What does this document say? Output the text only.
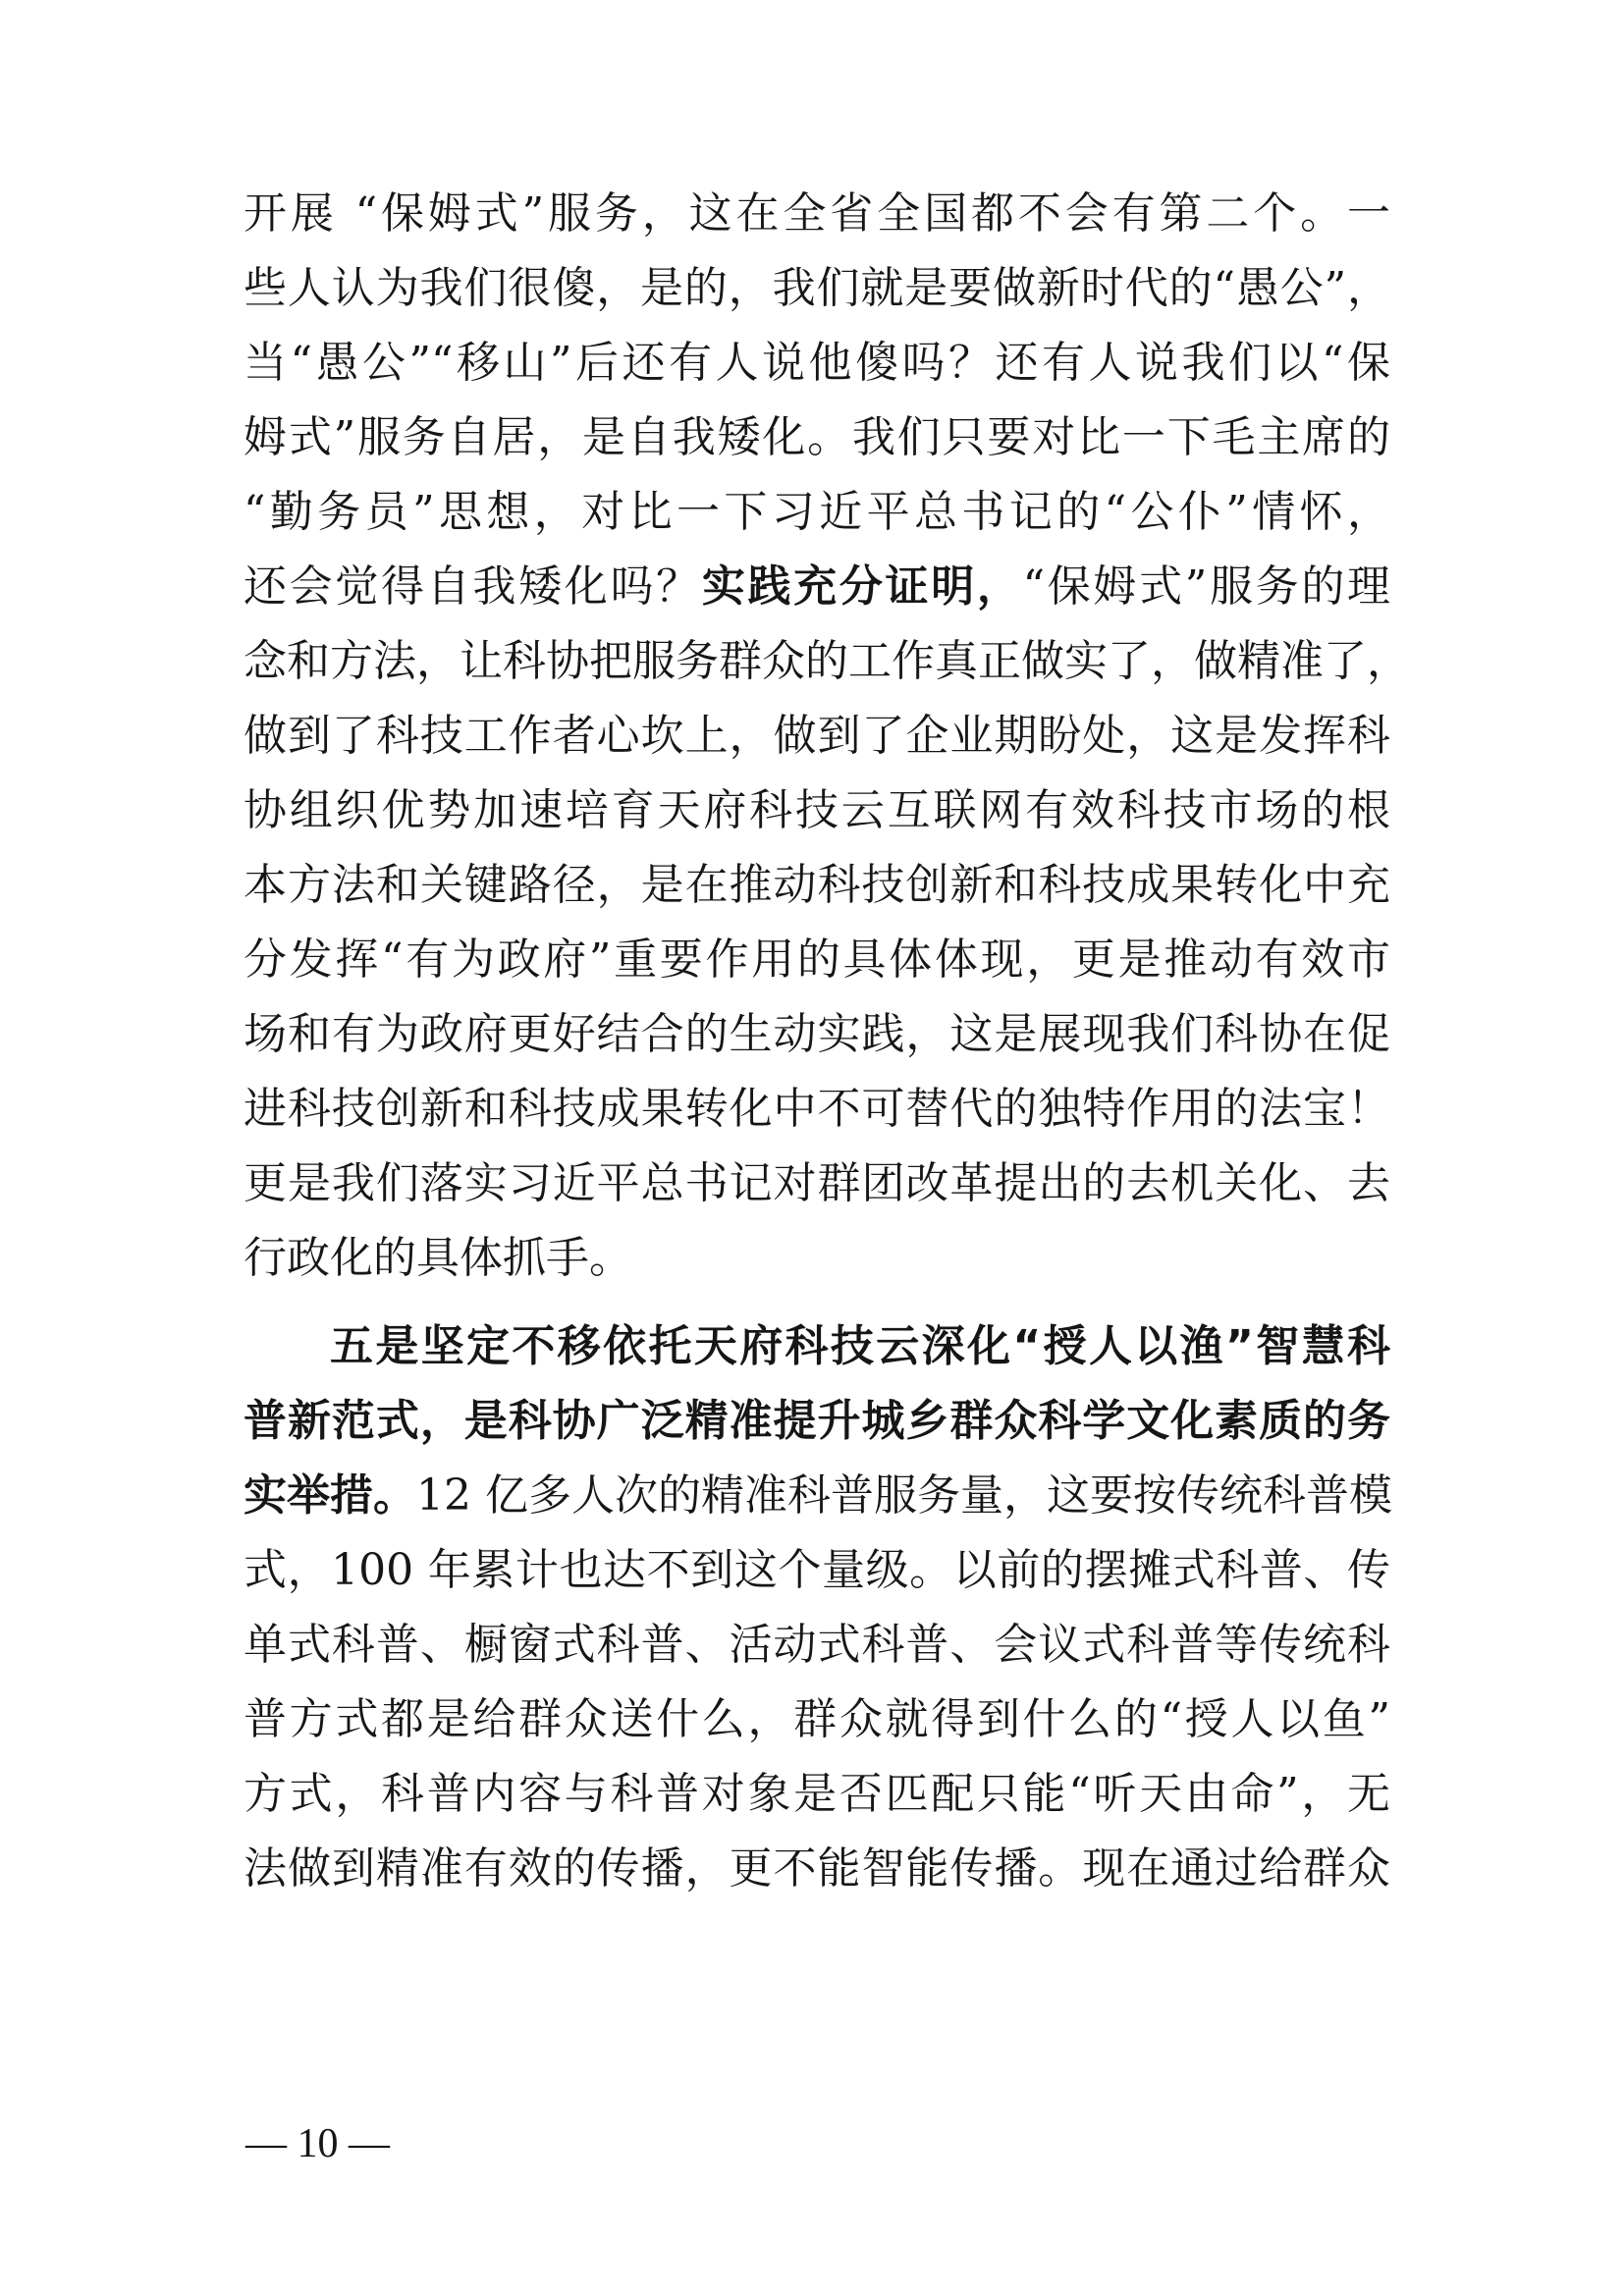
开展 “保姆式”服务，这在全省全国都不会有第二个。一
些人认为我们很傻，是的，我们就是要做新时代的“愚公”，
当“愚公”“移山”后还有人说他傻吗？还有人说我们以“保
姆式”服务自居，是自我矮化。我们只要对比一下毛主席的
“勤务员”思想，对比一下习近平总书记的“公仆”情怀，
还会觉得自我矮化吗？实践充分证明，“保姆式”服务的理
念和方法，让科协把服务群众的工作真正做实了，做精准了，
做到了科技工作者心坎上，做到了企业期盼处，这是发挥科
协组织优势加速培育天府科技云互联网有效科技市场的根
本方法和关键路径，是在推动科技创新和科技成果转化中充
分发挥“有为政府”重要作用的具体体现，更是推动有效市
场和有为政府更好结合的生动实践，这是展现我们科协在促
进科技创新和科技成果转化中不可替代的独特作用的法宝！
更是我们落实习近平总书记对群团改革提出的去机关化、去
行政化的具体抓手。
五是坚定不移依托天府科技云深化“授人以渔”智慧科
普新范式，是科协广泛精准提升城乡群众科学文化素质的务
实举措。12 亿多人次的精准科普服务量，这要按传统科普模
式，100 年累计也达不到这个量级。以前的摆摊式科普、传
单式科普、橱窗式科普、活动式科普、会议式科普等传统科
普方式都是给群众送什么，群众就得到什么的“授人以鱼”
方式，科普内容与科普对象是否匹配只能“听天由命”，无
法做到精准有效的传播，更不能智能传播。现在通过给群众
— 10 —
